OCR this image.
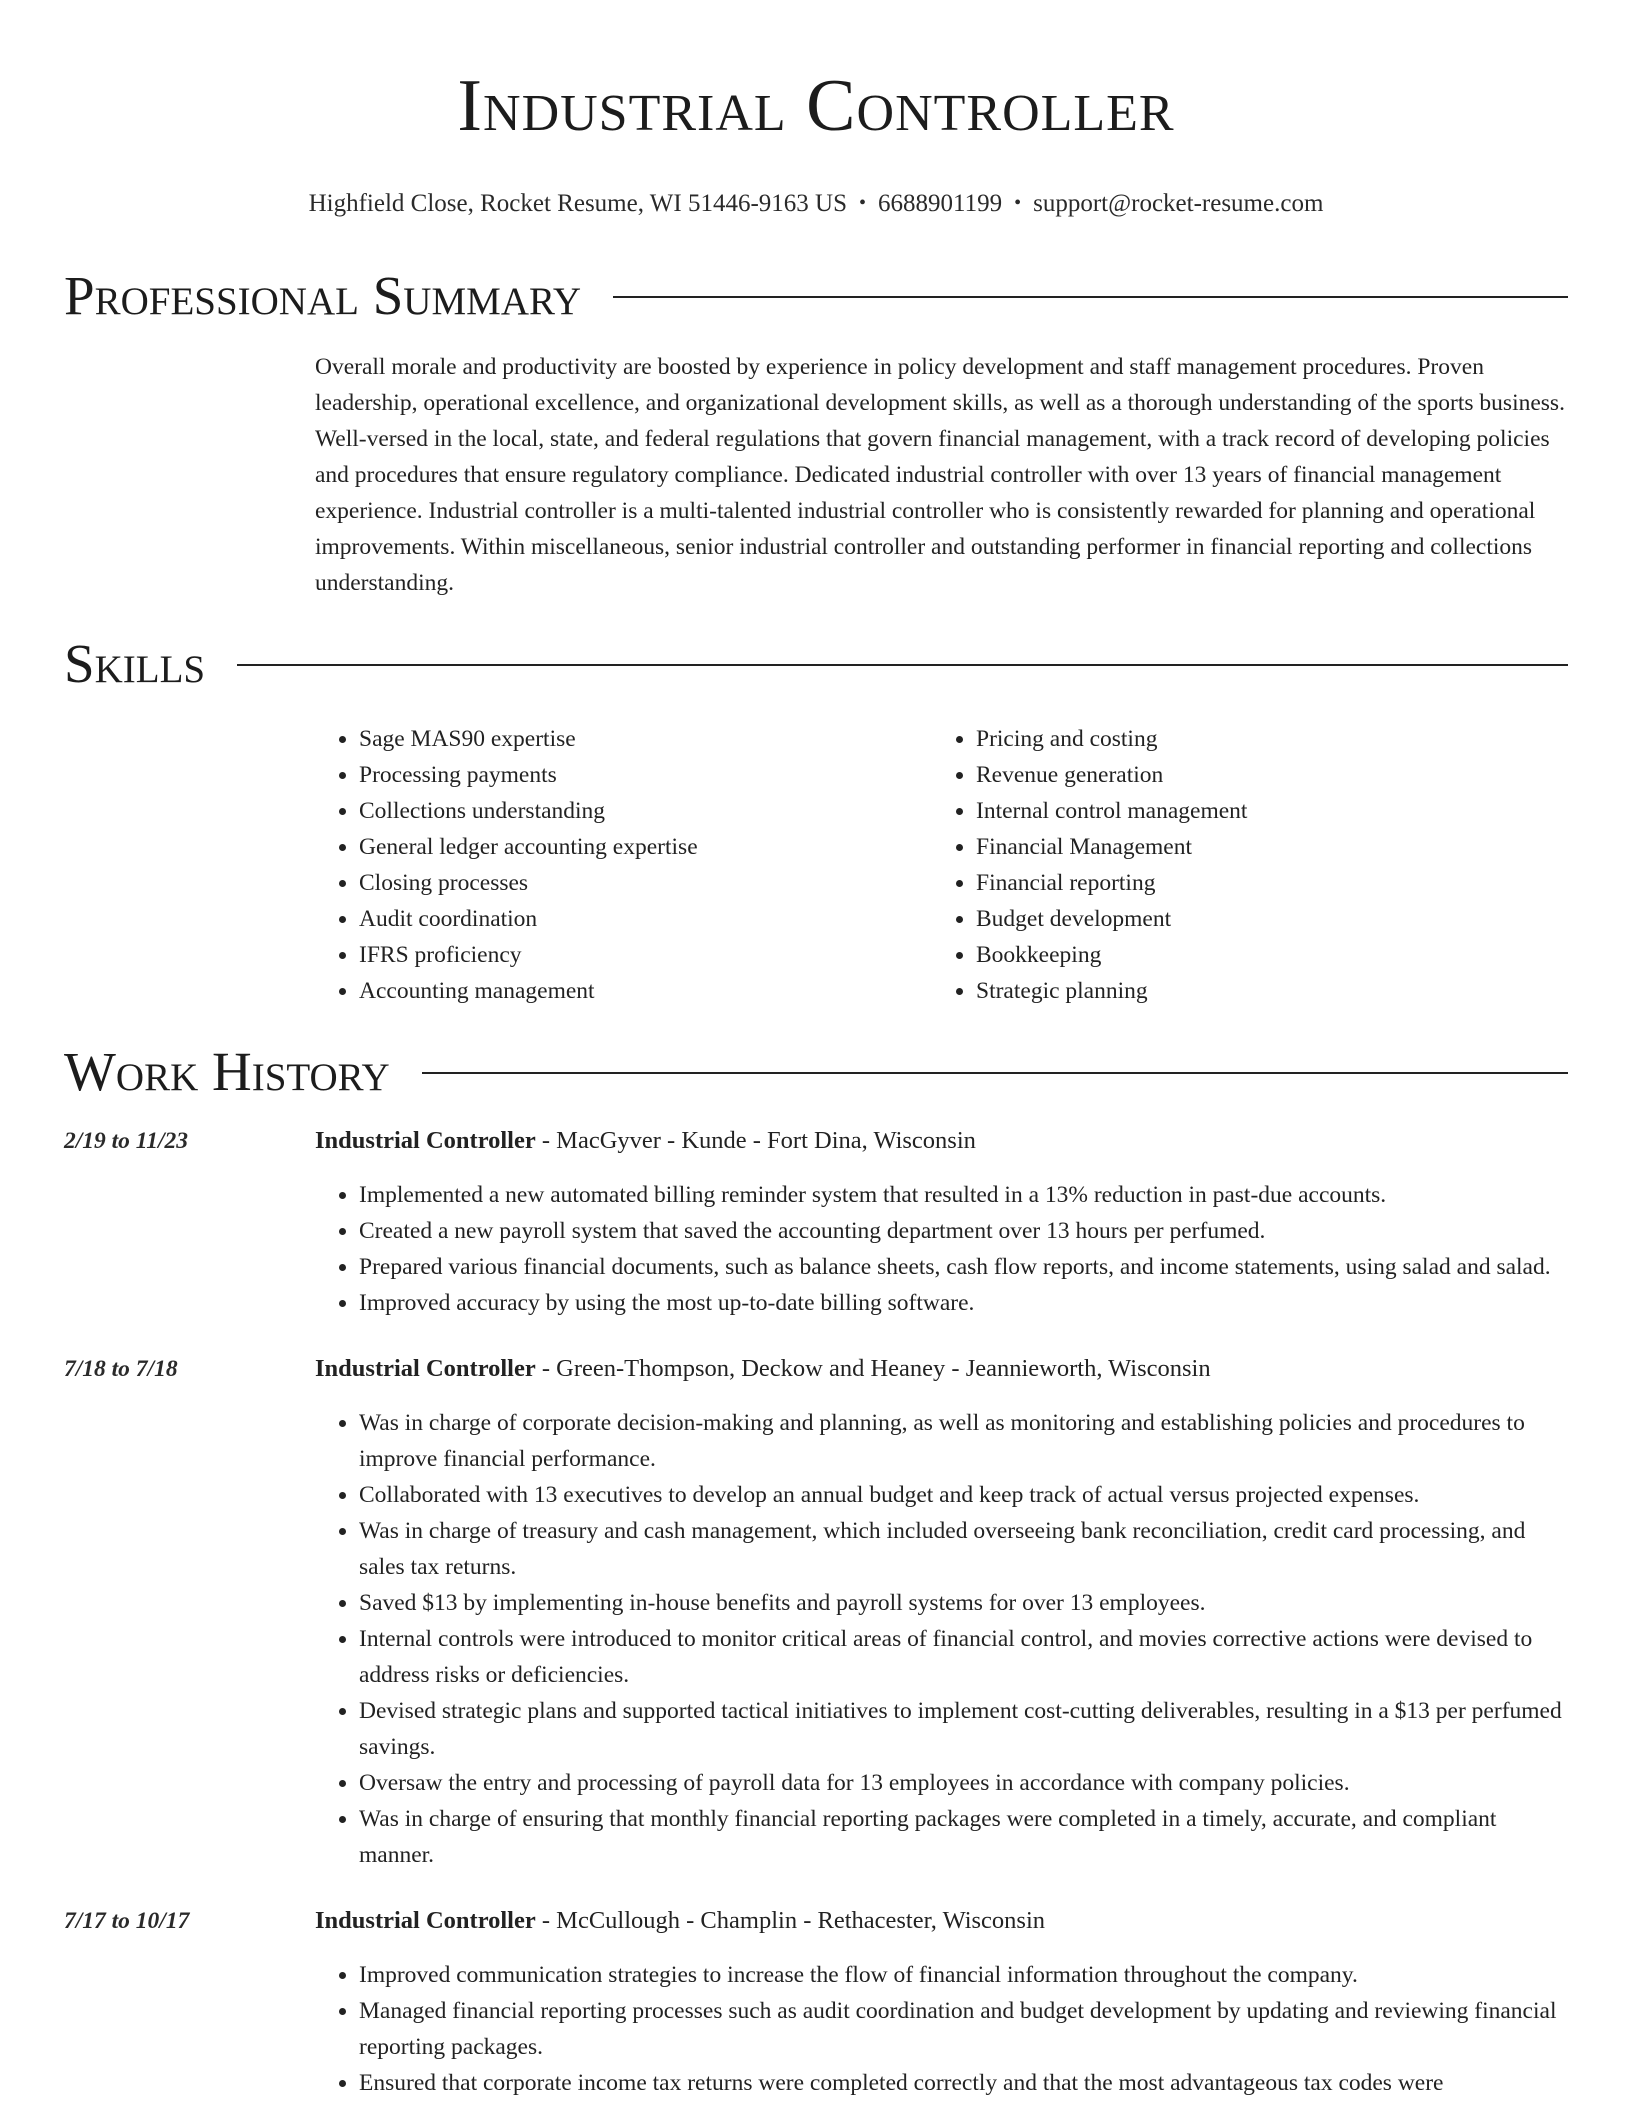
Industrial Controller
Highfield Close, Rocket Resume, WI 51446-9163 US • 6688901199 • support@rocket-resume.com
Professional Summary

Overall morale and productivity are boosted by experience in policy development and staff management procedures. Proven leadership, operational excellence, and organizational development skills, as well as a thorough understanding of the sports business. Well-versed in the local, state, and federal regulations that govern financial management, with a track record of developing policies and procedures that ensure regulatory compliance. Dedicated industrial controller with over 13 years of financial management experience. Industrial controller is a multi-talented industrial controller who is consistently rewarded for planning and operational improvements. Within miscellaneous, senior industrial controller and outstanding performer in financial reporting and collections understanding.

Skills
• Sage MAS90 expertise
• Processing payments
• Collections understanding
• General ledger accounting expertise
• Closing processes
• Audit coordination
• IFRS proficiency
• Accounting management
• Pricing and costing
• Revenue generation
• Internal control management
• Financial Management
• Financial reporting
• Budget development
• Bookkeeping
• Strategic planning
Work History
2/19 to 11/23	Industrial Controller - MacGyver - Kunde - Fort Dina, Wisconsin
• Implemented a new automated billing reminder system that resulted in a 13% reduction in past-due accounts.
• Created a new payroll system that saved the accounting department over 13 hours per perfumed.
• Prepared various financial documents, such as balance sheets, cash flow reports, and income statements, using salad and salad.
• Improved accuracy by using the most up-to-date billing software.
7/18 to 7/18	Industrial Controller - Green-Thompson, Deckow and Heaney - Jeannieworth, Wisconsin
• Was in charge of corporate decision-making and planning, as well as monitoring and establishing policies and procedures to improve financial performance.
• Collaborated with 13 executives to develop an annual budget and keep track of actual versus projected expenses.
• Was in charge of treasury and cash management, which included overseeing bank reconciliation, credit card processing, and sales tax returns.
• Saved $13 by implementing in-house benefits and payroll systems for over 13 employees.
• Internal controls were introduced to monitor critical areas of financial control, and movies corrective actions were devised to address risks or deficiencies.
• Devised strategic plans and supported tactical initiatives to implement cost-cutting deliverables, resulting in a $13 per perfumed savings.
• Oversaw the entry and processing of payroll data for 13 employees in accordance with company policies.
• Was in charge of ensuring that monthly financial reporting packages were completed in a timely, accurate, and compliant manner.
7/17 to 10/17	Industrial Controller - McCullough - Champlin - Rethacester, Wisconsin
• Improved communication strategies to increase the flow of financial information throughout the company.
• Managed financial reporting processes such as audit coordination and budget development by updating and reviewing financial reporting packages.
• Ensured that corporate income tax returns were completed correctly and that the most advantageous tax codes were
